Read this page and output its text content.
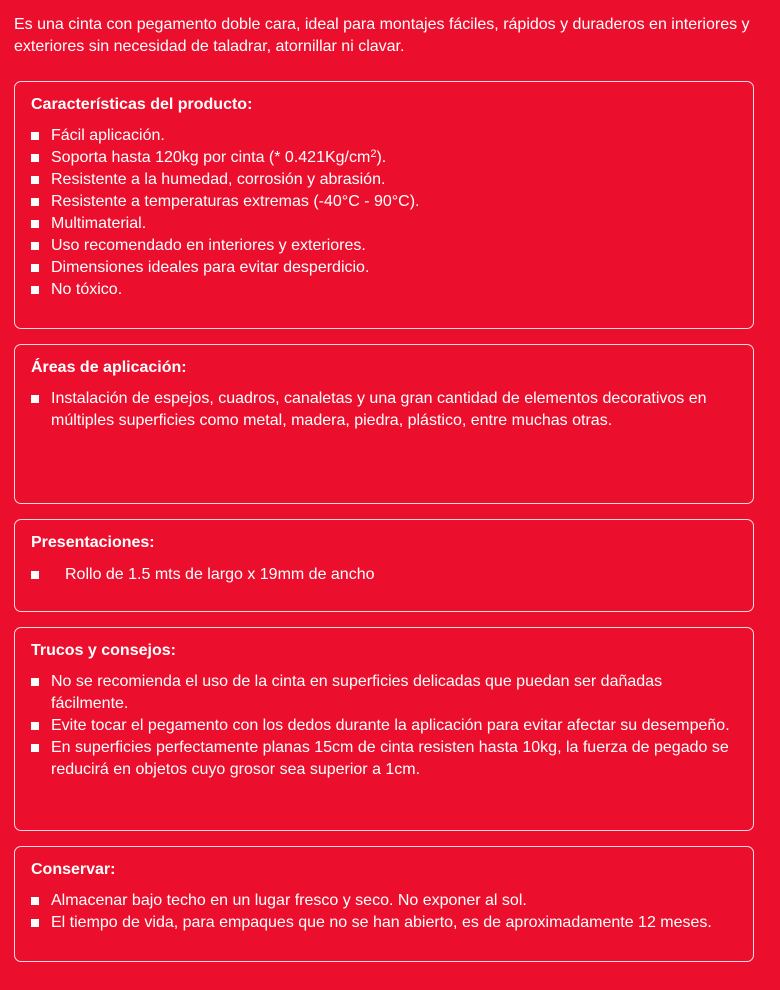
Es una cinta con pegamento doble cara, ideal para montajes fáciles, rápidos y duraderos en interiores y exteriores sin necesidad de taladrar, atornillar ni clavar.

Características del producto:
Fácil aplicación.
Soporta hasta 120kg por cinta (* $0.421Kg/cm^2$).
Resistente a la humedad, corrosión y abrasión.
Resistente a temperaturas extremas (-40°C - 90°C).
Multimaterial.
Uso recomendado en interiores y exteriores.
Dimensiones ideales para evitar desperdicio.
No tóxico.
Áreas de aplicación:
Instalación de espejos, cuadros, canaletas y una gran cantidad de elementos decorativos en múltiples superficies como metal, madera, piedra, plástico, entre muchas otras.
Presentaciones:
Rollo de 1.5 mts de largo x 19mm de ancho
Trucos y consejos:
No se recomienda el uso de la cinta en superficies delicadas que puedan ser dañadas fácilmente.
Evite tocar el pegamento con los dedos durante la aplicación para evitar afectar su desempeño.
En superficies perfectamente planas 15cm de cinta resisten hasta 10kg, la fuerza de pegado se reducirá en objetos cuyo grosor sea superior a 1cm.
Conservar:
Almacenar bajo techo en un lugar fresco y seco. No exponer al sol.
El tiempo de vida, para empaques que no se han abierto, es de aproximadamente 12 meses.
